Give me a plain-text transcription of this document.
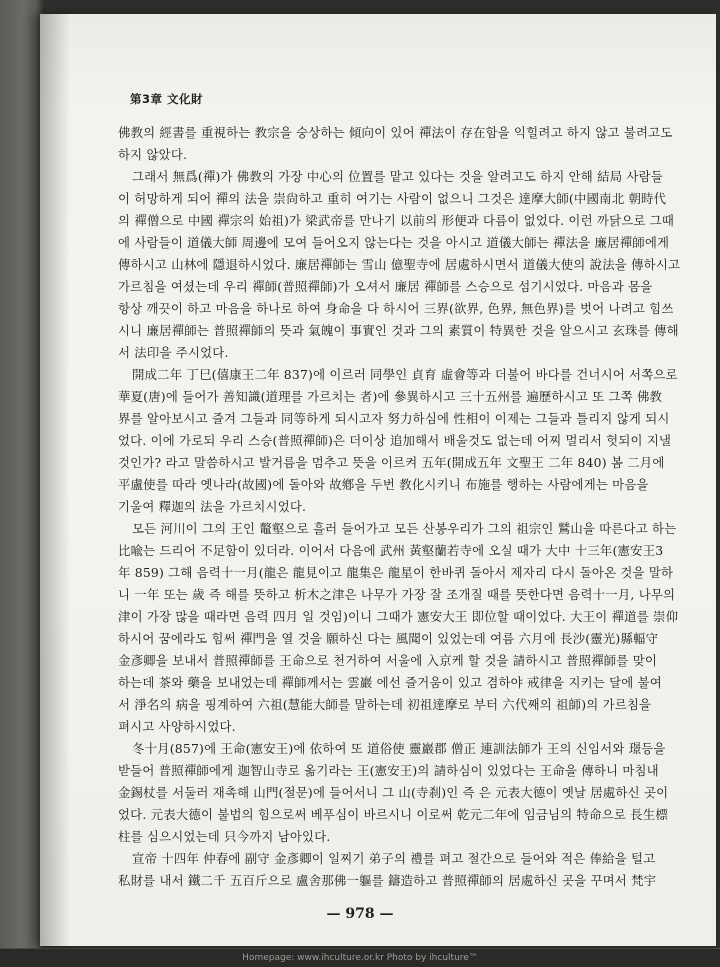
第3章 文化財
佛教의 經書를 重視하는 教宗을 숭상하는 傾向이 있어 禪法이 存在함을 익힐려고 하지 않고 불려고도
하지 않았다.
그래서 無爲(禪)가 佛教의 가장 中心의 位置를 맡고 있다는 것을 알려고도 하지 안해 結局 사람들
이 허망하게 되어 禪의 法을 崇尙하고 重히 여기는 사람이 없으니 그것은 達摩大師(中國南北 朝時代
의 禪僧으로 中國 禪宗의 始祖)가 梁武帝를 만나기 以前의 形便과 다름이 없었다. 이런 까닭으로 그때
에 사람들이 道儀大師 周邊에 모여 들어오지 않는다는 것을 아시고 道儀大師는 禪法을 廉居禪師에게
傳하시고 山林에 隱退하시었다. 廉居禪師는 雪山 億聖寺에 居處하시면서 道儀大使의 說法을 傳하시고
가르침을 여셨는데 우리 禪師(普照禪師)가 오셔서 廉居 禪師를 스승으로 섬기시었다. 마음과 몸을
항상 깨끗이 하고 마음을 하나로 하여 身命을 다 하시어 三界(欲界, 色界, 無色界)를 벗어 나려고 힘쓰
시니 廉居禪師는 普照禪師의 뜻과 氣魄이 事實인 것과 그의 素質이 特異한 것을 알으시고 玄珠를 傳해
서 法印을 주시었다.
開成二年 丁巳(僖康王二年 837)에 이르러 同學인 貞育 虛會等과 더불어 바다를 건너시어 서쪽으로
華夏(唐)에 들어가 善知識(道理를 가르치는 者)에 參異하시고 三十五州를 遍歷하시고 또 그쪽 佛教
界를 알아보시고 즐겨 그들과 同等하게 되시고자 努力하심에 性相이 이제는 그들과 틀리지 않게 되시
었다. 이에 가로되 우리 스승(普照禪師)은 더이상 追加해서 배울것도 없는데 어찌 멀리서 헛되이 지낼
것인가? 라고 말씀하시고 발거름을 멈추고 뜻을 이르켜 五年(開成五年 文聖王 二年 840) 봄 二月에
平盧使를 따라 옛나라(故國)에 돌아와 故鄕을 두번 教化시키니 布施를 행하는 사람에게는 마음을
기울여 釋迦의 法을 가르치시었다.
모든 河川이 그의 王인 鼇壑으로 흘러 들어가고 모든 산봉우리가 그의 祖宗인 鷲山을 따른다고 하는
比喩는 드리어 不足함이 있더라. 이어서 다음에 武州 黃壑蘭若寺에 오실 때가 大中 十三年(憲安王3
年 859) 그해 음력十一月(龍은 龍見이고 龍集은 龍星이 한바퀴 돌아서 제자리 다시 돌아온 것을 말하
니 一年 또는 歲 즉 해를 뜻하고 析木之津은 나무가 가장 잘 조개질 때를 뜻한다면 음력十一月, 나무의
津이 가장 많을 때라면 음력 四月 일 것임)이니 그때가 憲安大王 即位할 때이었다. 大王이 禪道를 崇仰
하시어 꿈에라도 힘써 禪門을 열 것을 願하신 다는 風聞이 있었는데 여름 六月에 長沙(靈光)縣輻守
金彥卿을 보내서 普照禪師를 王命으로 천거하여 서울에 入京케 할 것을 請하시고 普照禪師를 맞이
하는데 茶와 藥을 보내었는데 禪師께서는 雲巖 에선 즐거움이 있고 겸하야 戒律을 지키는 달에 불여
서 淨名의 病을 핑계하여 六祖(慧能大師를 말하는데 初祖達摩로 부터 六代째의 祖師)의 가르침을
펴시고 사양하시었다.
冬十月(857)에 王命(憲安王)에 依하여 또 道俗使 靈巖郡 僧正 連訓法師가 王의 신임서와 璟등을
받들어 普照禪師에게 迦智山寺로 옮기라는 王(憲安王)의 請하심이 있었다는 王命을 傳하니 마침내
金錫杖를 서둘러 재촉해 山門(절문)에 들어서니 그 山(寺刹)인 즉 은 元表大德이 옛날 居處하신 곳이
었다. 元表大德이 불법의 힘으로써 베푸심이 바르시니 이로써 乾元二年에 임금님의 特命으로 長生標
柱를 심으시었는데 只今까지 남아있다.
宣帝 十四年 仲春에 副守 金彥卿이 일찌기 弟子의 禮를 펴고 절간으로 들어와 적은 俸給을 털고
私財를 내서 鐵二千 五百斤으로 盧舍那佛一軀를 鑄造하고 普照禪師의 居處하신 곳을 꾸며서 梵宇
— 978 —
Homepage: www.ihculture.or.kr Photo by ihculture™
